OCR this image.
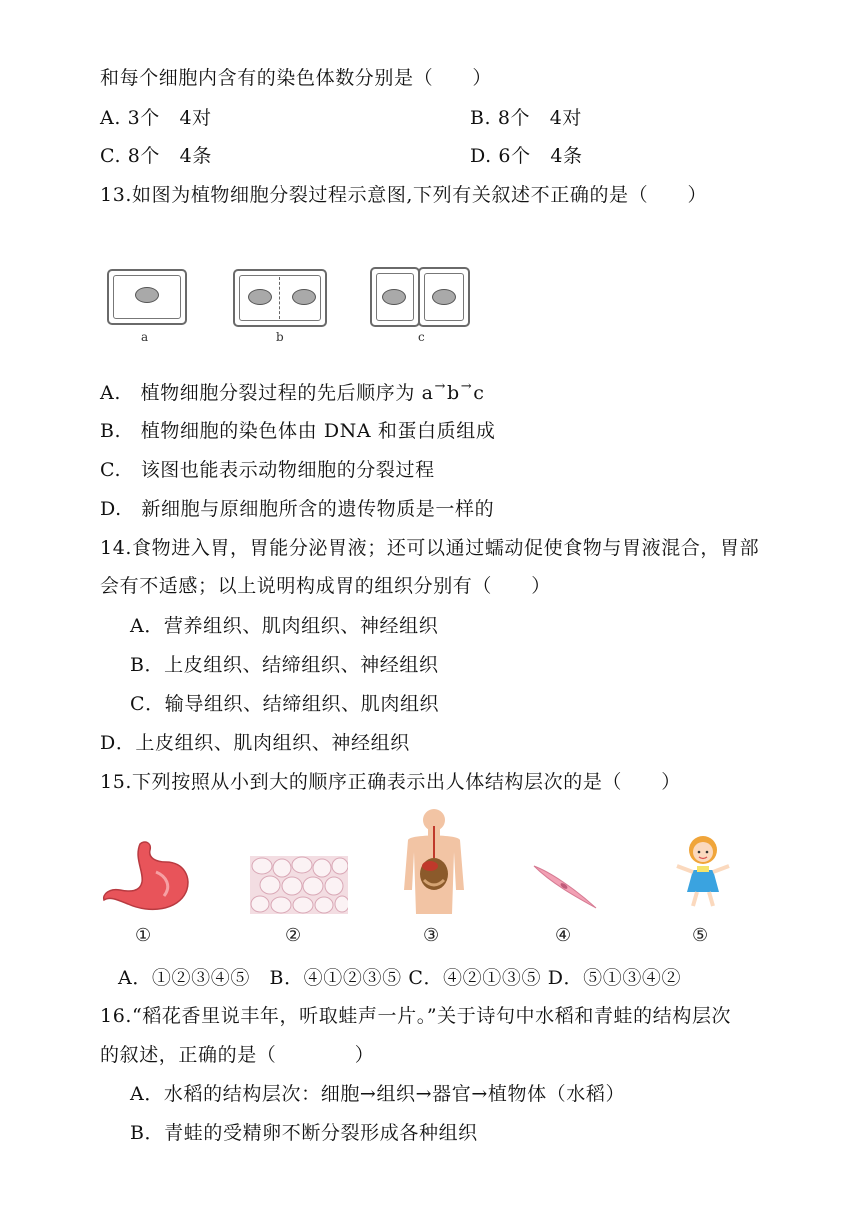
和每个细胞内含有的染色体数分别是（　　）
A. 3个　4对	B. 8个　4对
C. 8个　4条	D. 6个　4条
13.如图为植物细胞分裂过程示意图,下列有关叙述不正确的是（　　）
a	b	c
A.　植物细胞分裂过程的先后顺序为 a→b→c
B.　植物细胞的染色体由 DNA 和蛋白质组成
C.　该图也能表示动物细胞的分裂过程
D.　新细胞与原细胞所含的遗传物质是一样的
14.食物进入胃，胃能分泌胃液；还可以通过蠕动促使食物与胃液混合，胃部
会有不适感；以上说明构成胃的组织分别有（　　）
A．营养组织、肌肉组织、神经组织
B．上皮组织、结缔组织、神经组织
C．输导组织、结缔组织、肌肉组织
D．上皮组织、肌肉组织、神经组织
15.下列按照从小到大的顺序正确表示出人体结构层次的是（　　）
①	②	③	④	⑤
A．①②③④⑤　B．④①②③⑤ C．④②①③⑤ D．⑤①③④②
16.“稻花香里说丰年，听取蛙声一片。”关于诗句中水稻和青蛙的结构层次
的叙述，正确的是（　　　　）
A．水稻的结构层次：细胞→组织→器官→植物体（水稻）
B．青蛙的受精卵不断分裂形成各种组织
